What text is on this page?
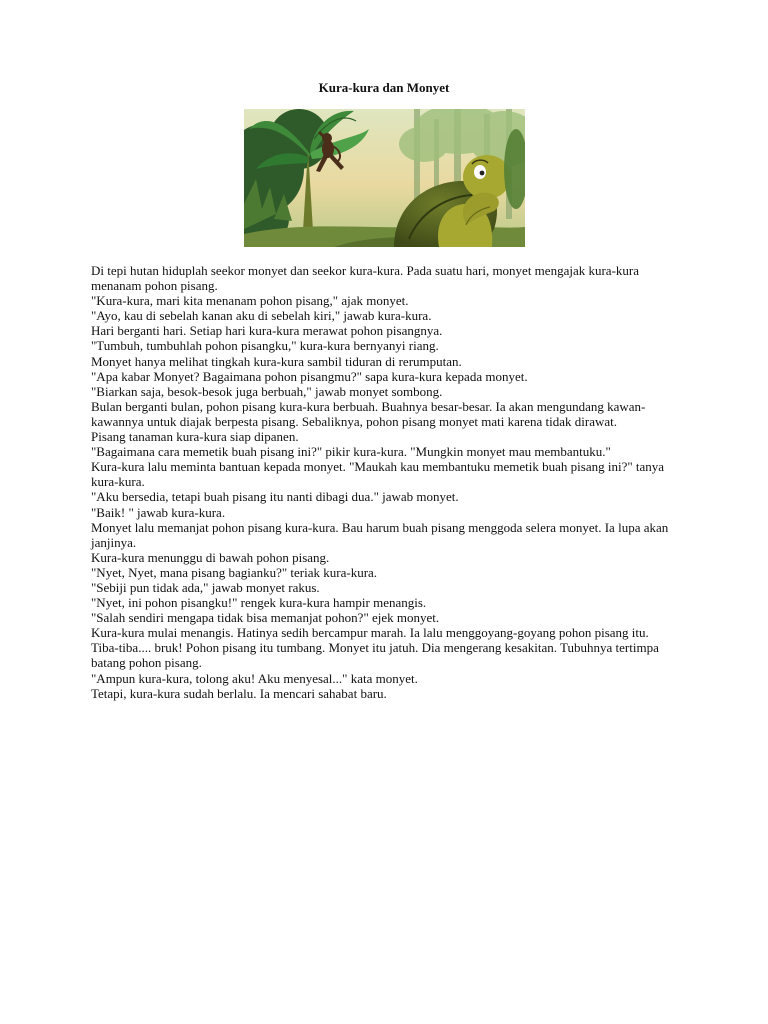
Kura-kura dan Monyet

Di tepi hutan hiduplah seekor monyet dan seekor kura-kura. Pada suatu hari, monyet mengajak kura-kura menanam pohon pisang.

"Kura-kura, mari kita menanam pohon pisang," ajak monyet.

"Ayo, kau di sebelah kanan aku di sebelah kiri," jawab kura-kura.

Hari berganti hari. Setiap hari kura-kura merawat pohon pisangnya.

"Tumbuh, tumbuhlah pohon pisangku," kura-kura bernyanyi riang.

Monyet hanya melihat tingkah kura-kura sambil tiduran di rerumputan.

"Apa kabar Monyet? Bagaimana pohon pisangmu?" sapa kura-kura kepada monyet.

"Biarkan saja, besok-besok juga berbuah," jawab monyet sombong.

Bulan berganti bulan, pohon pisang kura-kura berbuah. Buahnya besar-besar. Ia akan mengundang kawan-kawannya untuk diajak berpesta pisang. Sebaliknya, pohon pisang monyet mati karena tidak dirawat.

Pisang tanaman kura-kura siap dipanen.

"Bagaimana cara memetik buah pisang ini?" pikir kura-kura. "Mungkin monyet mau membantuku."

Kura-kura lalu meminta bantuan kepada monyet. "Maukah kau membantuku memetik buah pisang ini?" tanya kura-kura.

"Aku bersedia, tetapi buah pisang itu nanti dibagi dua." jawab monyet.

"Baik! " jawab kura-kura.

Monyet lalu memanjat pohon pisang kura-kura. Bau harum buah pisang menggoda selera monyet. Ia lupa akan janjinya.

Kura-kura menunggu di bawah pohon pisang.

"Nyet, Nyet, mana pisang bagianku?" teriak kura-kura.

"Sebiji pun tidak ada," jawab monyet rakus.

"Nyet, ini pohon pisangku!" rengek kura-kura hampir menangis.

"Salah sendiri mengapa tidak bisa memanjat pohon?" ejek monyet.

Kura-kura mulai menangis. Hatinya sedih bercampur marah. Ia lalu menggoyang-goyang pohon pisang itu.

Tiba-tiba.... bruk! Pohon pisang itu tumbang. Monyet itu jatuh. Dia mengerang kesakitan. Tubuhnya tertimpa batang pohon pisang.

"Ampun kura-kura, tolong aku! Aku menyesal..." kata monyet.

Tetapi, kura-kura sudah berlalu. Ia mencari sahabat baru.
